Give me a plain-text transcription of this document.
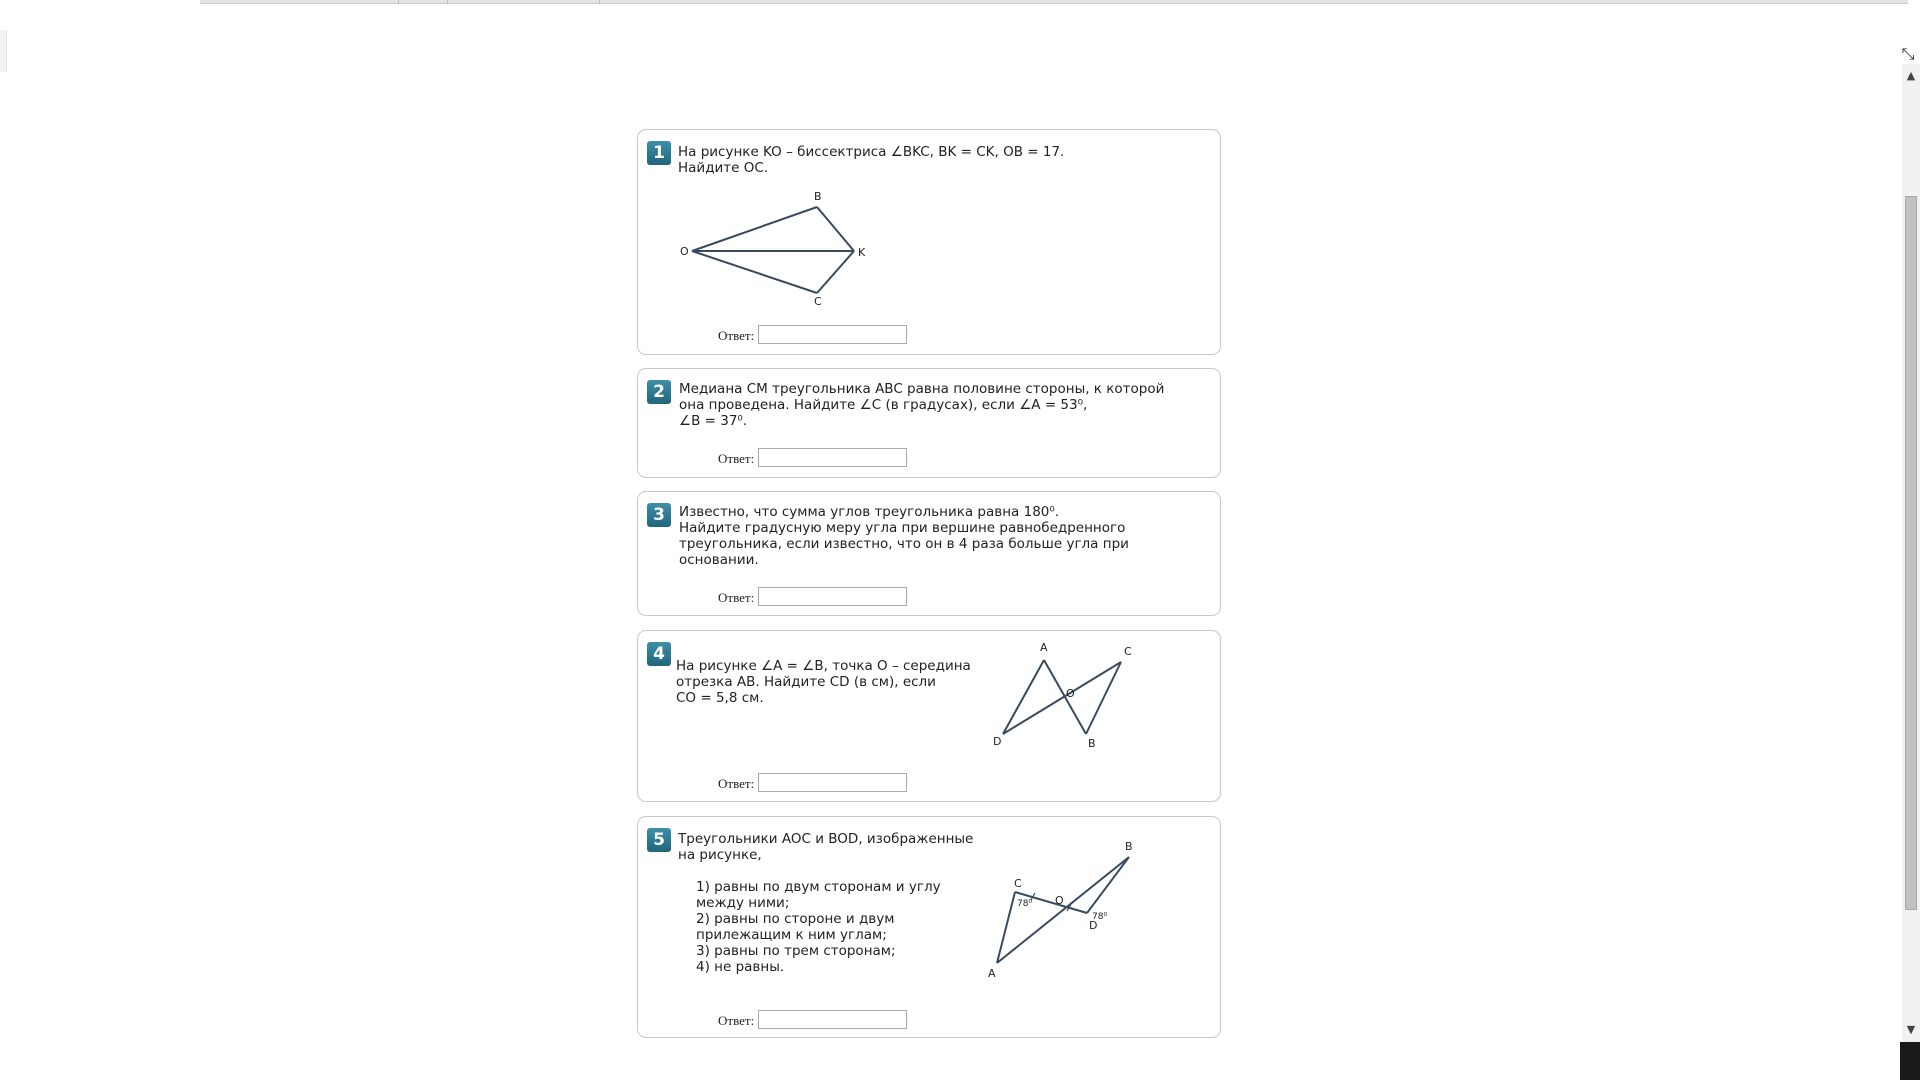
⤡
▲
▼
1 На рисунке KO – биссектриса ∠BKC, BK = CK, OB = 17.
Найдите OC.
B
O	K
C
Ответ:
2	Медиана CM треугольника ABC равна половине стороны, к которой
она проведена. Найдите ∠C (в градусах), если ∠A = 53⁰,
∠B = 37⁰.
Ответ:
3	Известно, что сумма углов треугольника равна 180⁰.
Найдите градусную меру угла при вершине равнобедренного
треугольника, если известно, что он в 4 раза больше угла при
основании.
Ответ:
4
На рисунке ∠A = ∠B, точка O – середина
отрезка AB. Найдите CD (в см), если
CO = 5,8 см.
A	C
O
D	B
Ответ:
5 Треугольники AOC и BOD, изображенные
на рисунке,
1) равны по двум сторонам и углу
между ними;
2) равны по стороне и двум
прилежащим к ним углам;
3) равны по трем сторонам;
4) не равны.
B
C
O
D
A
78⁰
78⁰
Ответ:
